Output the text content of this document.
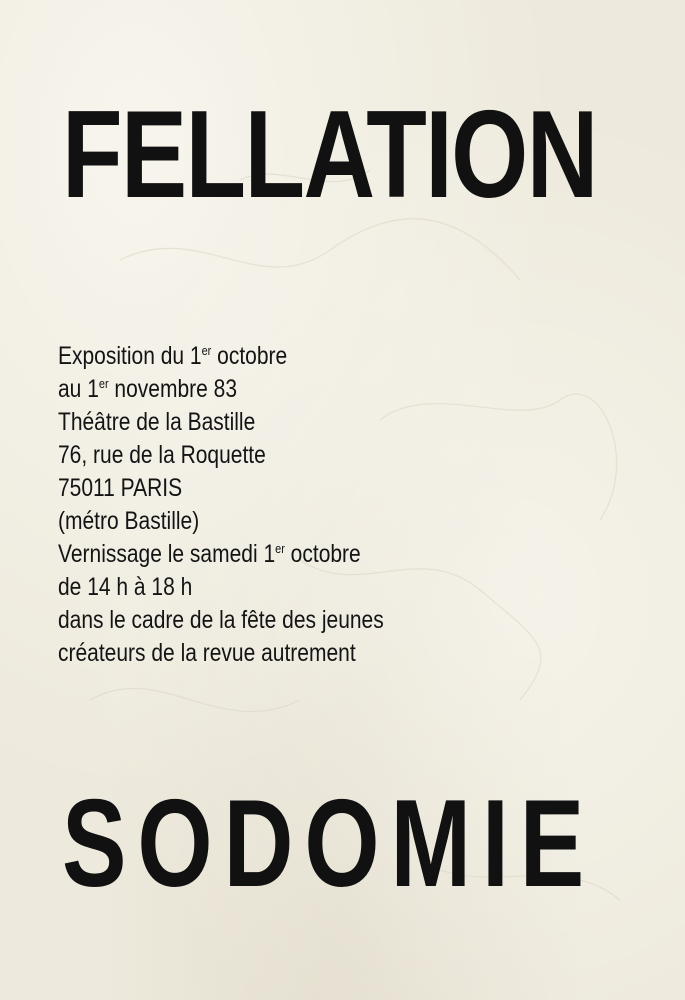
FELLATION
Exposition du 1er octobre
au 1er novembre 83
Théâtre de la Bastille
76, rue de la Roquette
75011 PARIS
(métro Bastille)
Vernissage le samedi 1er octobre
de 14 h à 18 h
dans le cadre de la fête des jeunes
créateurs de la revue autrement
SODOMIE
